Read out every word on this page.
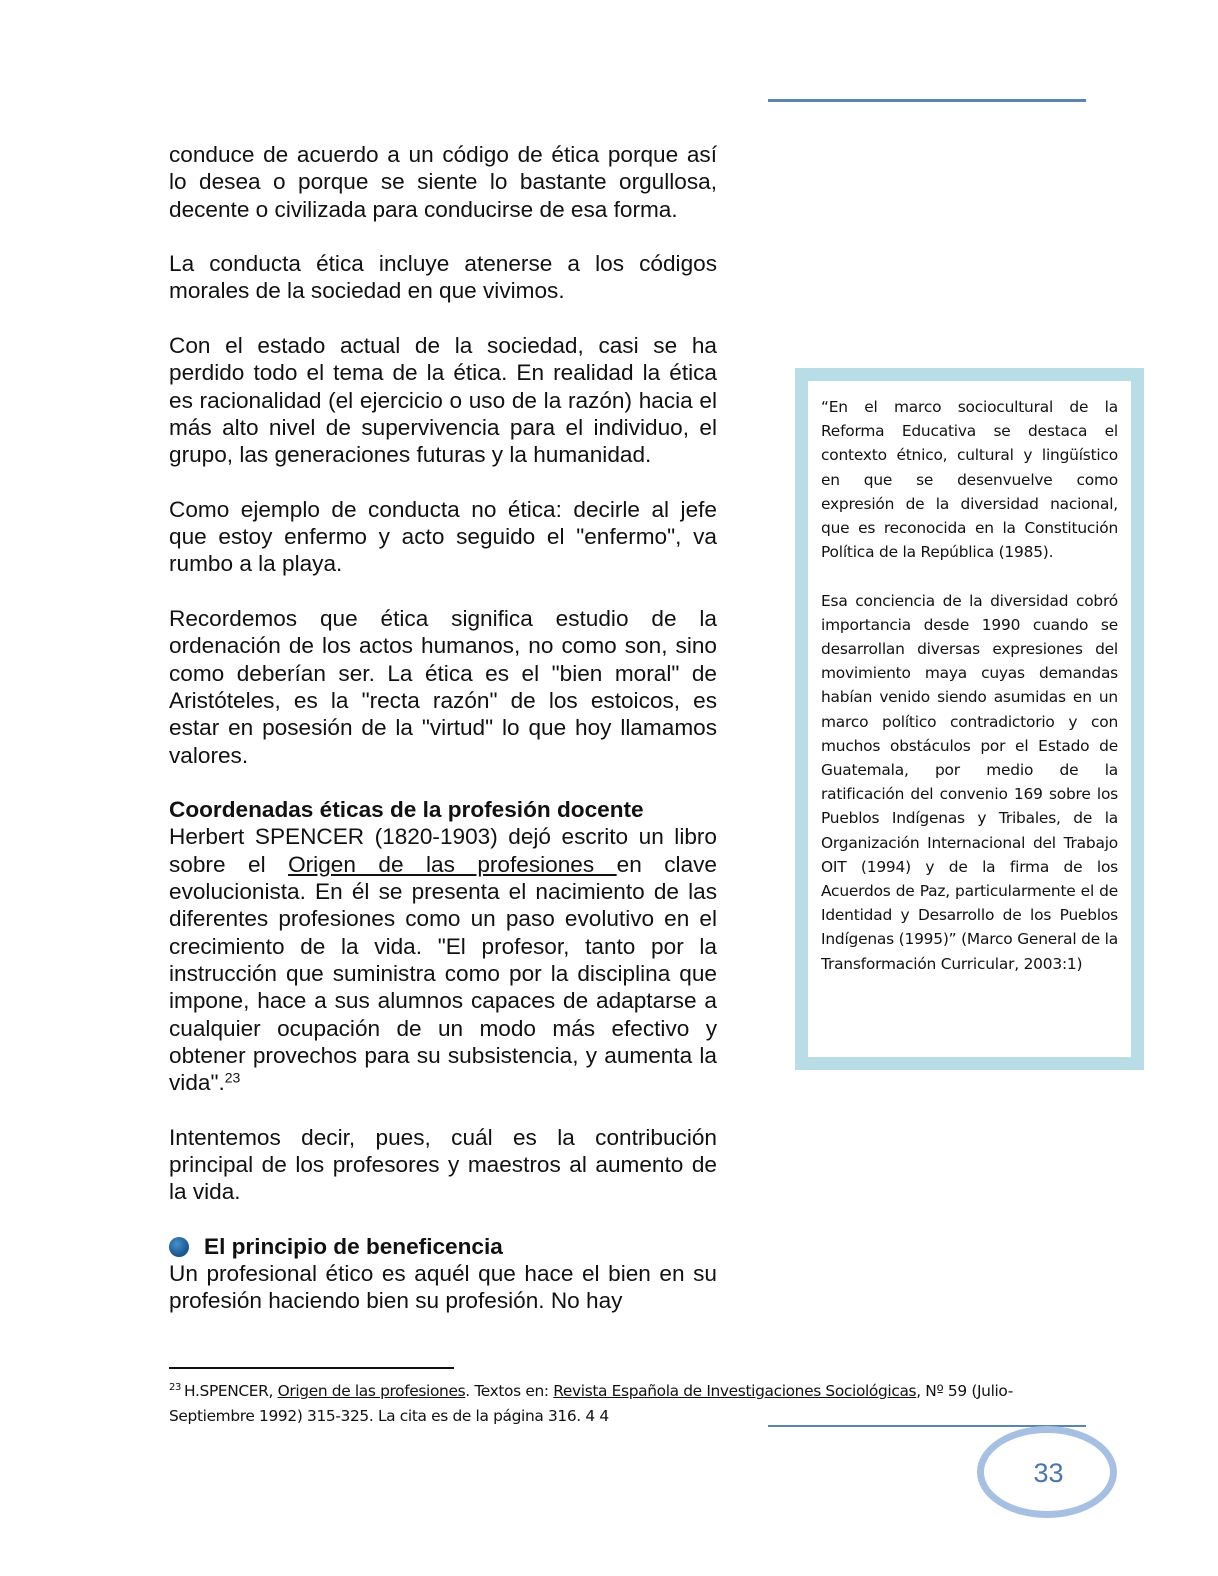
conduce de acuerdo a un código de ética porque así lo desea o porque se siente lo bastante orgullosa, decente o civilizada para conducirse de esa forma.

La conducta ética incluye atenerse a los códigos morales de la sociedad en que vivimos.

Con el estado actual de la sociedad, casi se ha perdido todo el tema de la ética. En realidad la ética es racionalidad (el ejercicio o uso de la razón) hacia el más alto nivel de supervivencia para el individuo, el grupo, las generaciones futuras y la humanidad.

Como ejemplo de conducta no ética: decirle al jefe que estoy enfermo y acto seguido el "enfermo", va rumbo a la playa.

Recordemos que ética significa estudio de la ordenación de los actos humanos, no como son, sino como deberían ser. La ética es el "bien moral" de Aristóteles, es la "recta razón" de los estoicos, es estar en posesión de la "virtud" lo que hoy llamamos valores.

Coordenadas éticas de la profesión docente

Herbert SPENCER (1820-1903) dejó escrito un libro sobre el Origen de las profesiones en clave evolucionista. En él se presenta el nacimiento de las diferentes profesiones como un paso evolutivo en el crecimiento de la vida. "El profesor, tanto por la instrucción que suministra como por la disciplina que impone, hace a sus alumnos capaces de adaptarse a cualquier ocupación de un modo más efectivo y obtener provechos para su subsistencia, y aumenta la vida".$^{23}$

Intentemos decir, pues, cuál es la contribución principal de los profesores y maestros al aumento de la vida.

El principio de beneficencia

Un profesional ético es aquél que hace el bien en su profesión haciendo bien su profesión. No hay

“En el marco sociocultural de la Reforma Educativa se destaca el contexto étnico, cultural y lingüístico en que se desenvuelve como expresión de la diversidad nacional, que es reconocida en la Constitución Política de la República (1985).

Esa conciencia de la diversidad cobró importancia desde 1990 cuando se desarrollan diversas expresiones del movimiento maya cuyas demandas habían venido siendo asumidas en un marco político contradictorio y con muchos obstáculos por el Estado de Guatemala, por medio de la ratificación del convenio 169 sobre los Pueblos Indígenas y Tribales, de la Organización Internacional del Trabajo OIT (1994) y de la firma de los Acuerdos de Paz, particularmente el de Identidad y Desarrollo de los Pueblos Indígenas (1995)” (Marco General de la Transformación Curricular, 2003:1)

$^{23}$ H.SPENCER, Origen de las profesiones. Textos en: Revista Española de Investigaciones Sociológicas, Nº 59 (Julio-Septiembre 1992) 315-325. La cita es de la página 316. 4 4
33
